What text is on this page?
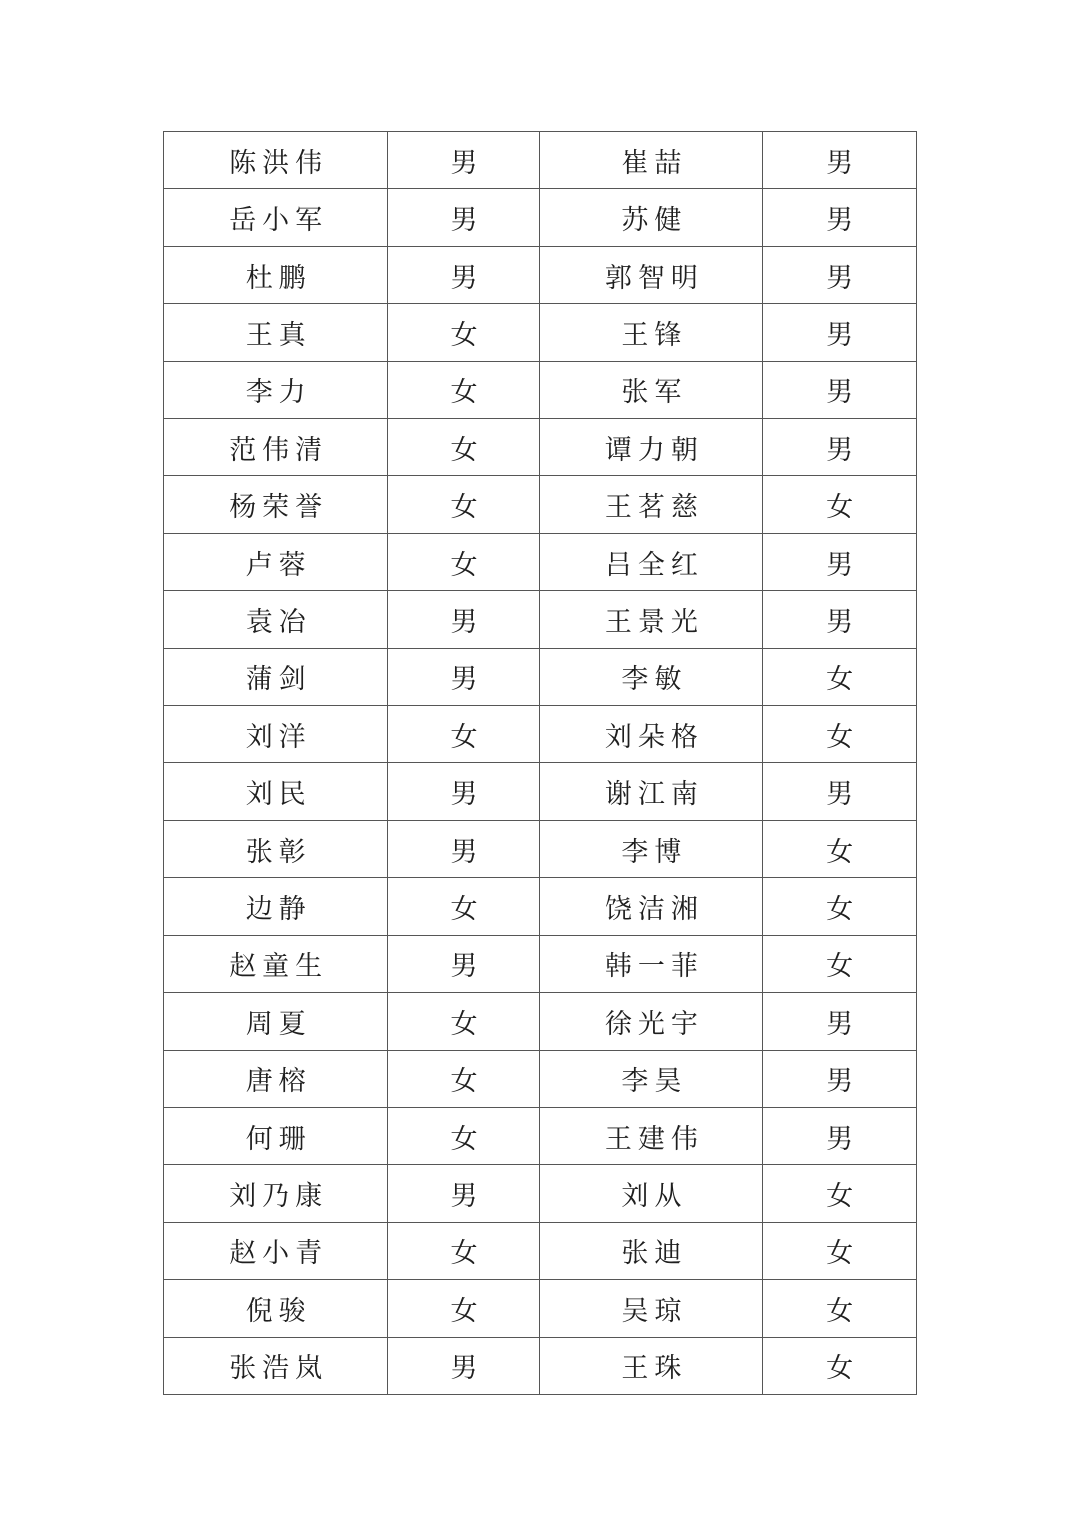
陈洪伟	男	崔喆	男
岳小军	男	苏健	男
杜鹏	男	郭智明	男
王真	女	王锋	男
李力	女	张军	男
范伟清	女	谭力朝	男
杨荣誉	女	王茗慈	女
卢蓉	女	吕全红	男
袁冶	男	王景光	男
蒲剑	男	李敏	女
刘洋	女	刘朵格	女
刘民	男	谢江南	男
张彰	男	李博	女
边静	女	饶洁湘	女
赵童生	男	韩一菲	女
周夏	女	徐光宇	男
唐榕	女	李昊	男
何珊	女	王建伟	男
刘乃康	男	刘从	女
赵小青	女	张迪	女
倪骏	女	吴琼	女
张浩岚	男	王珠	女
